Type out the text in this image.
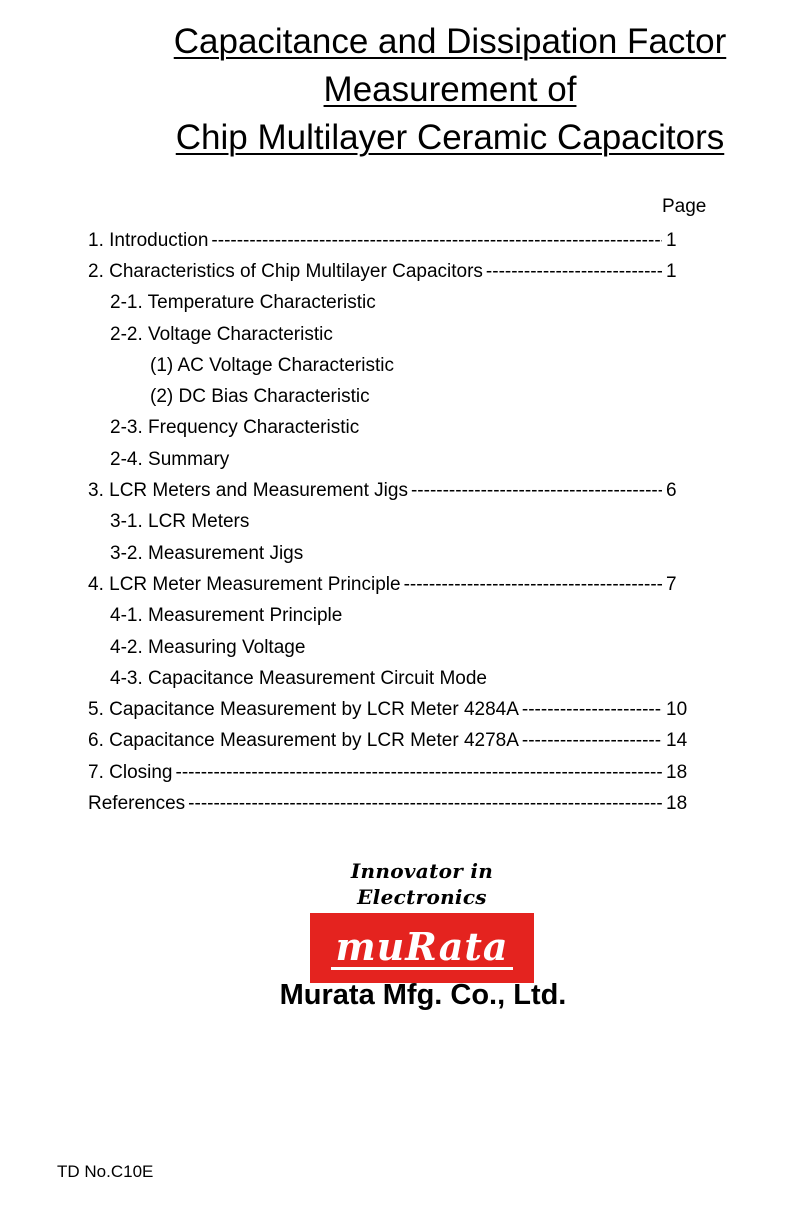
Capacitance and Dissipation Factor
Measurement of
Chip Multilayer Ceramic Capacitors
Page
1. Introduction -----	1
2. Characteristics of Chip Multilayer Capacitors -----	1
2-1. Temperature Characteristic
2-2. Voltage Characteristic
(1) AC Voltage Characteristic
(2) DC Bias Characteristic
2-3. Frequency Characteristic
2-4. Summary
3. LCR Meters and Measurement Jigs -----	6
3-1. LCR Meters
3-2. Measurement Jigs
4. LCR Meter Measurement Principle -----	7
4-1. Measurement Principle
4-2. Measuring Voltage
4-3. Capacitance Measurement Circuit Mode
5. Capacitance Measurement by LCR Meter 4284A -----	10
6. Capacitance Measurement by LCR Meter 4278A -----	14
7. Closing -----	18
References -----	18
Innovator in Electronics
muRata
Murata Mfg. Co., Ltd.
TD No.C10E
